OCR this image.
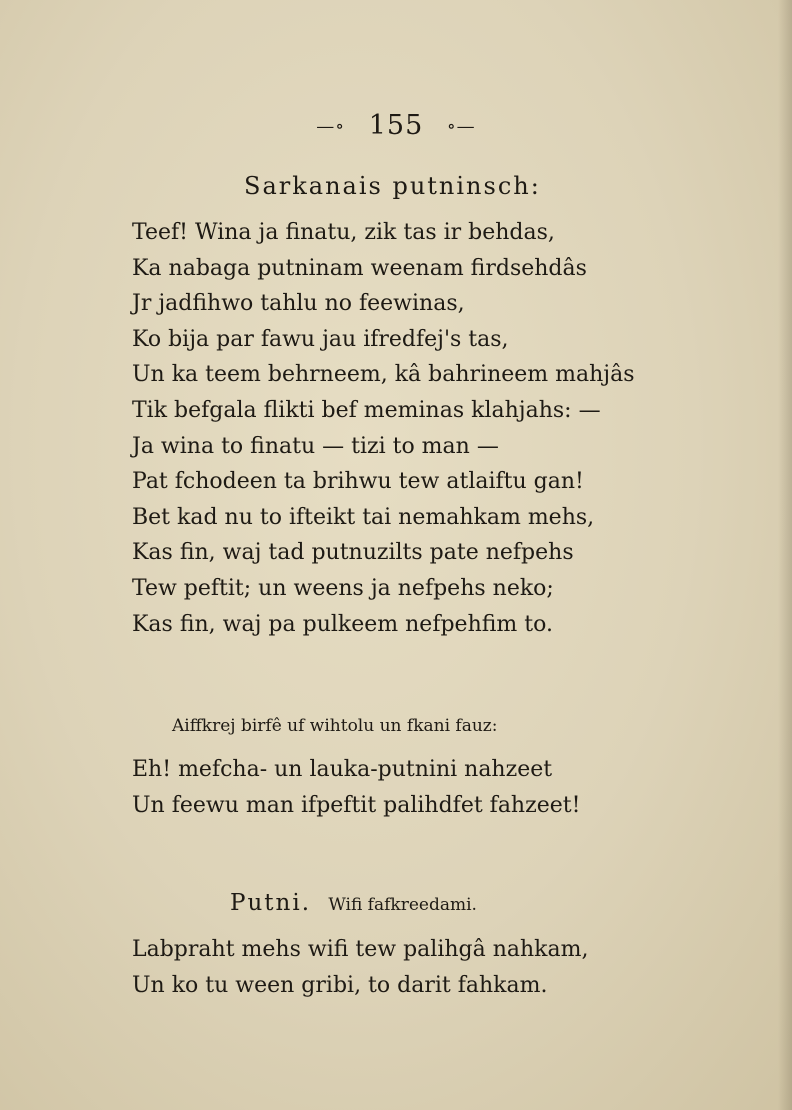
—∘ 155 ∘—
Sarkanais putninsch:
Teef! Wina ja finatu, zik tas ir behdas,
Ka nabaga putninam weenam firdsehdâs
Jr jadfihwo tahlu no feewinas,
Ko bija par fawu jau ifredfej's tas,
Un ka teem behrneem, kâ bahrineem mahjâs
Tik befgala flikti bef meminas klahjahs: —
Ja wina to finatu — tizi to man —
Pat fchodeen ta brihwu tew atlaiftu gan!
Bet kad nu to ifteikt tai nemahkam mehs,
Kas fin, waj tad putnuzilts pate nefpehs
Tew peftit; un weens ja nefpehs neko;
Kas fin, waj pa pulkeem nefpehfim to.
Aiffkrej birfê uf wihtolu un fkani fauz:
Eh! mefcha- un lauka-putnini nahzeet
Un feewu man ifpeftit palihdfet fahzeet!
Putni. Wifi fafkreedami.
Labpraht mehs wifi tew palihgâ nahkam,
Un ko tu ween gribi, to darit fahkam.
